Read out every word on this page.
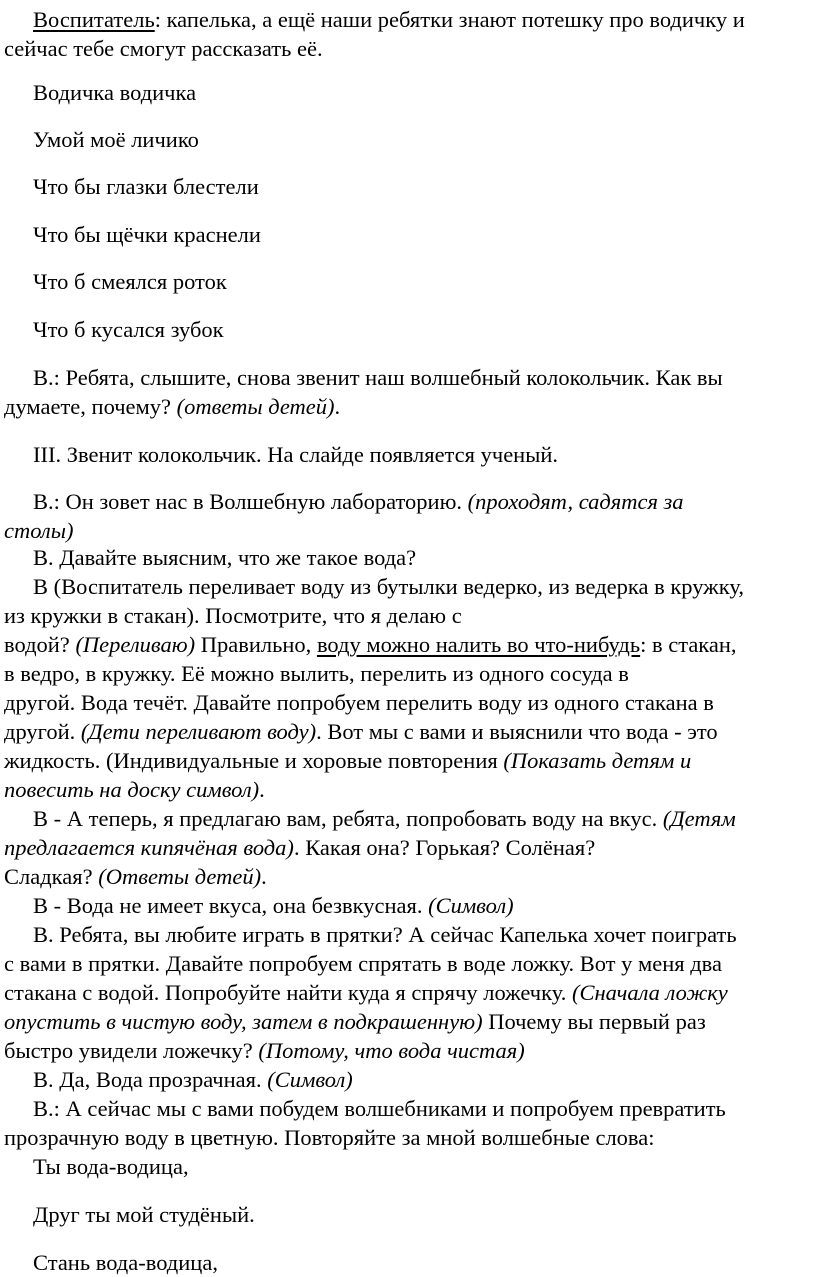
Воспитатель: капелька, а ещё наши ребятки знают потешку про водичку и
сейчас тебе смогут рассказать её.
Водичка водичка
Умой моё личико
Что бы глазки блестели
Что бы щёчки краснели
Что б смеялся роток
Что б кусался зубок
В.: Ребята, слышите, снова звенит наш волшебный колокольчик. Как вы
думаете, почему? (ответы детей).
III. Звенит колокольчик. На слайде появляется ученый.
В.: Он зовет нас в Волшебную лабораторию. (проходят, садятся за
столы)
В. Давайте выясним, что же такое вода?
В (Воспитатель переливает воду из бутылки ведерко, из ведерка в кружку,
из кружки в стакан). Посмотрите, что я делаю с
водой? (Переливаю) Правильно, воду можно налить во что-нибудь: в стакан,
в ведро, в кружку. Её можно вылить, перелить из одного сосуда в
другой. Вода течёт. Давайте попробуем перелить воду из одного стакана в
другой. (Дети переливают воду). Вот мы с вами и выяснили что вода - это
жидкость. (Индивидуальные и хоровые повторения (Показать детям и
повесить на доску символ).
В - А теперь, я предлагаю вам, ребята, попробовать воду на вкус. (Детям
предлагается кипячёная вода). Какая она? Горькая? Солёная?
Сладкая? (Ответы детей).
В - Вода не имеет вкуса, она безвкусная. (Символ)
В. Ребята, вы любите играть в прятки? А сейчас Капелька хочет поиграть
с вами в прятки. Давайте попробуем спрятать в воде ложку. Вот у меня два
стакана с водой. Попробуйте найти куда я спрячу ложечку. (Сначала ложку
опустить в чистую воду, затем в подкрашенную) Почему вы первый раз
быстро увидели ложечку? (Потому, что вода чистая)
В. Да, Вода прозрачная. (Символ)
В.: А сейчас мы с вами побудем волшебниками и попробуем превратить
прозрачную воду в цветную. Повторяйте за мной волшебные слова:
Ты вода-водица,
Друг ты мой студёный.
Стань вода-водица,
